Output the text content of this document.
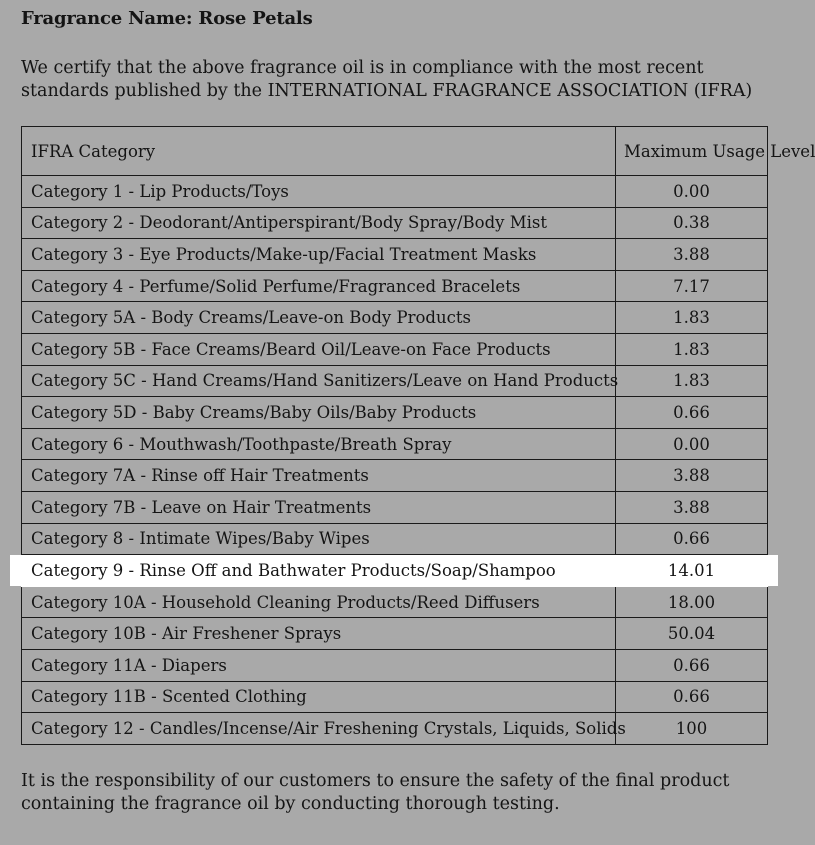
Fragrance Name: Rose Petals
We certify that the above fragrance oil is in compliance with the most recent standards published by the INTERNATIONAL FRAGRANCE ASSOCIATION (IFRA)
IFRA Category	Maximum Usage Level
Category 1 - Lip Products/Toys	0.00
Category 2 - Deodorant/Antiperspirant/Body Spray/Body Mist	0.38
Category 3 - Eye Products/Make-up/Facial Treatment Masks	3.88
Category 4 - Perfume/Solid Perfume/Fragranced Bracelets	7.17
Category 5A - Body Creams/Leave-on Body Products	1.83
Category 5B - Face Creams/Beard Oil/Leave-on Face Products	1.83
Category 5C - Hand Creams/Hand Sanitizers/Leave on Hand Products	1.83
Category 5D - Baby Creams/Baby Oils/Baby Products	0.66
Category 6 - Mouthwash/Toothpaste/Breath Spray	0.00
Category 7A - Rinse off Hair Treatments	3.88
Category 7B - Leave on Hair Treatments	3.88
Category 8 - Intimate Wipes/Baby Wipes	0.66
Category 9 - Rinse Off and Bathwater Products/Soap/Shampoo	14.01
Category 10A - Household Cleaning Products/Reed Diffusers	18.00
Category 10B - Air Freshener Sprays	50.04
Category 11A - Diapers	0.66
Category 11B - Scented Clothing	0.66
Category 12 - Candles/Incense/Air Freshening Crystals, Liquids, Solids	100
It is the responsibility of our customers to ensure the safety of the final product containing the fragrance oil by conducting thorough testing.
